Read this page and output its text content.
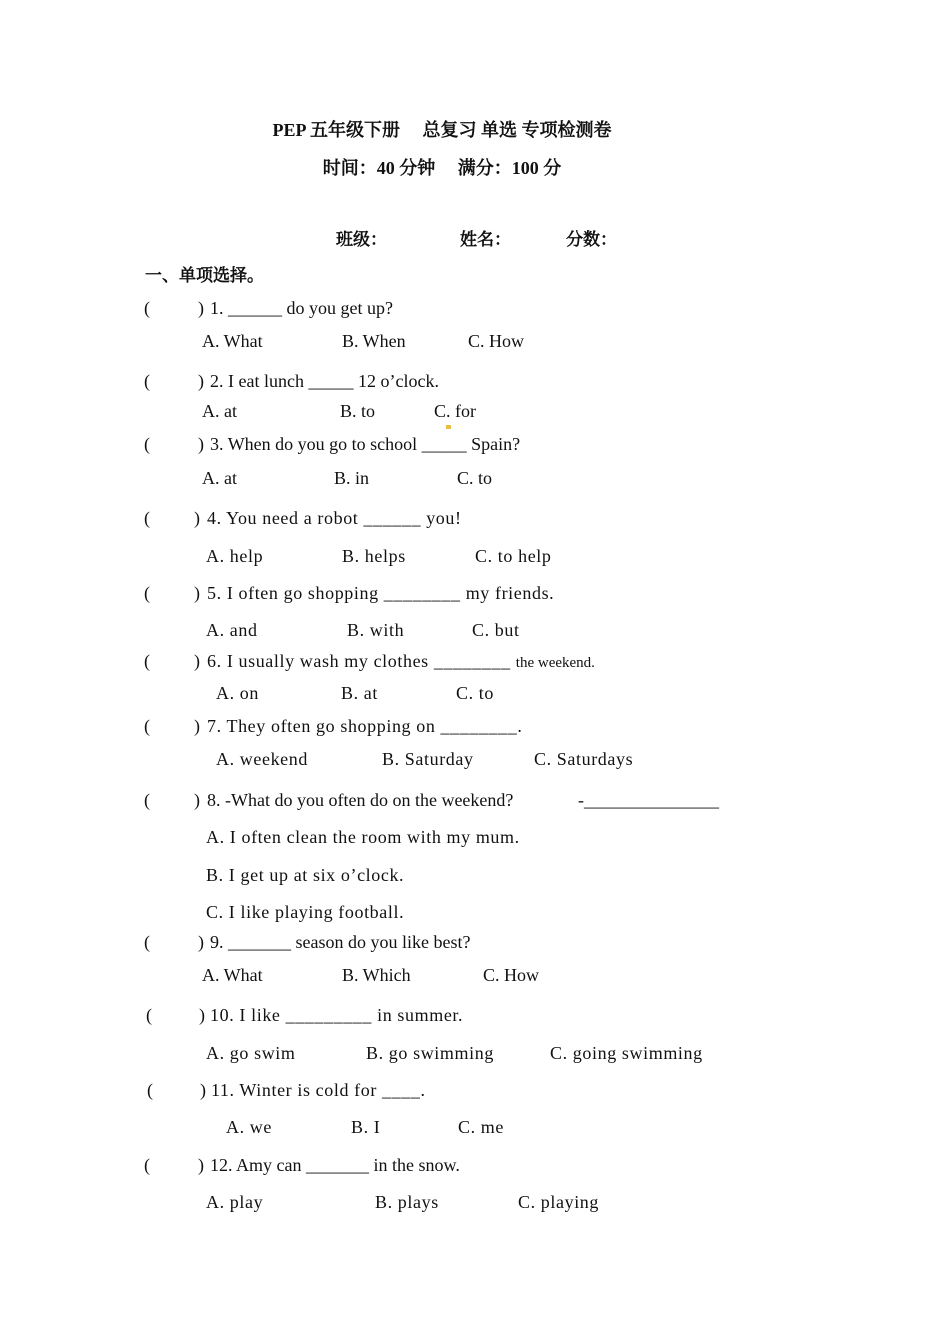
PEP 五年级下册　 总复习 单选 专项检测卷
时间：40 分钟　 满分：100 分
班级：	姓名：	分数：
一、单项选择。
(	) 1. ______ do you get up?
A. What	B. When	C. How
(	) 2. I eat lunch _____ 12 o’clock.
A. at	B. to	C. for
(	) 3. When do you go to school _____ Spain?
A. at	B. in	C. to
( ) 4. You need a robot ______ you!
A. help	B. helps	C. to help
( ) 5. I often go shopping ________ my friends.
A. and	B. with	C. but
( ) 6. I usually wash my clothes ________ the weekend.
A. on	B. at	C. to
( ) 7. They often go shopping on ________.
A. weekend	B. Saturday	C. Saturdays
( ) 8. -What do you often do on the weekend?	-_______________
A. I often clean the room with my mum.
B. I get up at six o’clock.
C. I like playing football.
(	) 9. _______ season do you like best?
A. What	B. Which	C. How
(	) 10. I like _________ in summer.
A. go swim	B. go swimming	C. going swimming
(	) 11. Winter is cold for ____.
A. we	B. I	C. me
(	) 12. Amy can _______ in the snow.
A. play	B. plays	C. playing
